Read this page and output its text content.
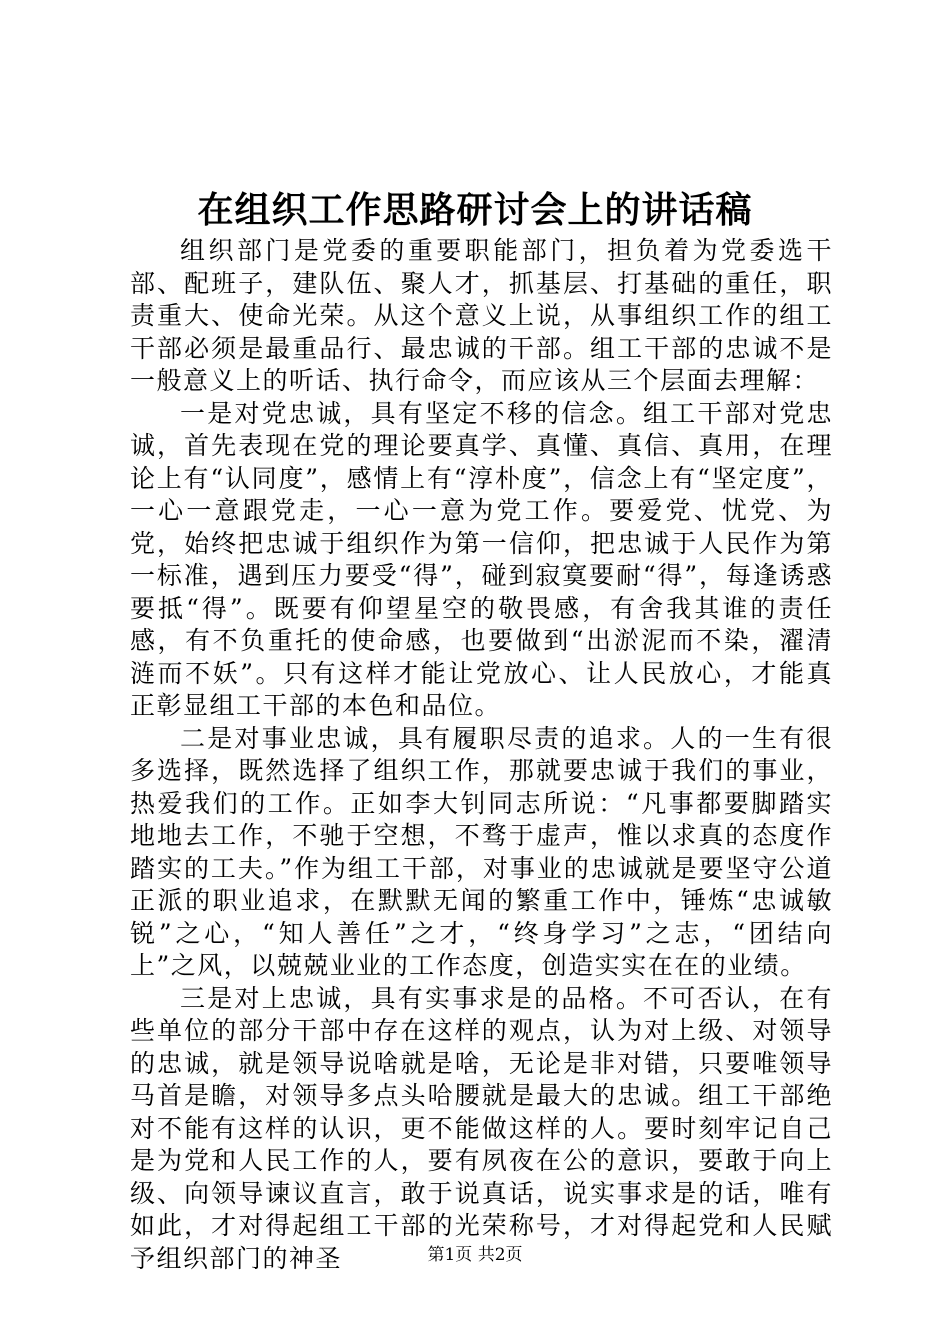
在组织工作思路研讨会上的讲话稿

组织部门是党委的重要职能部门，担负着为党委选干部、配班子，建队伍、聚人才，抓基层、打基础的重任，职责重大、使命光荣。从这个意义上说，从事组织工作的组工干部必须是最重品行、最忠诚的干部。组工干部的忠诚不是一般意义上的听话、执行命令，而应该从三个层面去理解：

一是对党忠诚，具有坚定不移的信念。组工干部对党忠诚，首先表现在党的理论要真学、真懂、真信、真用，在理论上有“认同度”，感情上有“淳朴度”，信念上有“坚定度”，一心一意跟党走，一心一意为党工作。要爱党、忧党、为党，始终把忠诚于组织作为第一信仰，把忠诚于人民作为第一标准，遇到压力要受“得”，碰到寂寞要耐“得”，每逢诱惑要抵“得”。既要有仰望星空的敬畏感，有舍我其谁的责任感，有不负重托的使命感，也要做到“出淤泥而不染，濯清涟而不妖”。只有这样才能让党放心、让人民放心，才能真正彰显组工干部的本色和品位。

二是对事业忠诚，具有履职尽责的追求。人的一生有很多选择，既然选择了组织工作，那就要忠诚于我们的事业，热爱我们的工作。正如李大钊同志所说：“凡事都要脚踏实地地去工作，不驰于空想，不骛于虚声，惟以求真的态度作踏实的工夫。”作为组工干部，对事业的忠诚就是要坚守公道正派的职业追求，在默默无闻的繁重工作中，锤炼“忠诚敏锐”之心，“知人善任”之才，“终身学习”之志，“团结向上”之风，以兢兢业业的工作态度，创造实实在在的业绩。

三是对上忠诚，具有实事求是的品格。不可否认，在有些单位的部分干部中存在这样的观点，认为对上级、对领导的忠诚，就是领导说啥就是啥，无论是非对错，只要唯领导马首是瞻，对领导多点头哈腰就是最大的忠诚。组工干部绝对不能有这样的认识，更不能做这样的人。要时刻牢记自己是为党和人民工作的人，要有夙夜在公的意识，要敢于向上级、向领导谏议直言，敢于说真话，说实事求是的话，唯有如此，才对得起组工干部的光荣称号，才对得起党和人民赋予组织部门的神圣	第1页 共2页
